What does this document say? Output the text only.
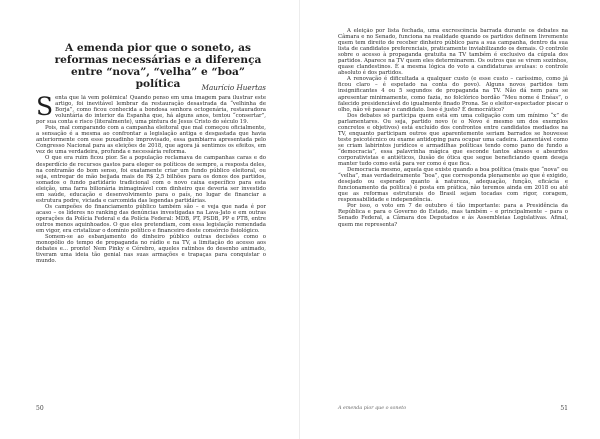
A emenda pior que o soneto, as reformas necessárias e a diferença entre “nova”, “velha” e “boa” política	Maurício Huertas

Senta que lá vem polêmica! Quando penso em uma imagem para ilustrar este artigo, foi inevitável lembrar da restauração desastrada da “velhinha de Borja”, como ficou conhecida a bondosa senhora octogenária, restauradora voluntária do interior da Espanha que, há alguns anos, tentou “consertar”, por sua conta e risco (literalmente), uma pintura de Jesus Cristo do século 19.

Pois, mal comparando com a campanha eleitoral que mal começou oficialmente, a sensação é a mesma ao confrontar a legislação antiga e desgastada que havia anteriormente com esse puxadinho improvisado, essa gambiarra apresentada pelo Congresso Nacional para as eleições de 2018, que agora já sentimos os efeitos, em vez de uma verdadeira, profunda e necessária reforma.

O que era ruim ficou pior. Se a população reclamava de campanhas caras e do desperdício de recursos gastos para eleger os políticos de sempre, a resposta deles, na contramão do bom senso, foi exatamente criar um fundo público eleitoral, ou seja, entregar de mão beijada mais de R$ 2,5 bilhões para os donos dos partidos, somados o fundo partidário tradicional com o novo caixa específico para esta eleição, uma farra bilionária inimaginável com dinheiro que deveria ser investido em saúde, educação e desenvolvimento para o país, no lugar de financiar a estrutura podre, viciada e carcomida das legendas partidárias.

Os campeões do financiamento público também são – e veja que nada é por acaso – os líderes no ranking das denúncias investigadas na Lava-Jato e em outras operações da Polícia Federal e da Polícia Federal: MDB, PT, PSDB, PP e PTB, entre outros menos aquinhoados. O que eles pretendiam, com essa legislação remendada em vigor, era cristalizar o domínio político e financeiro deste consórcio fisiológico.

Somem-se ao esbanjamento do dinheiro público outras decisões como o monopólio do tempo de propaganda no rádio e na TV, a limitação do acesso aos debates e... pronto! Nem Pinky e Cérebro, aqueles ratinhos do desenho animado, tiveram uma ideia tão genial nas suas armações e trapaças para conquistar o mundo.

50

A eleição por lista fechada, uma excrescência barrada durante os debates na Câmara e no Senado, funciona na realidade quando os partidos definem livremente quem tem direito de receber dinheiro público para a sua campanha, dentro da sua lista de candidatos preferenciais, praticamente inviabilizando os demais. O controle sobre o acesso à propaganda gratuita na TV também é exclusivo da cúpula dos partidos. Aparece na TV quem eles determinarem. Os outros que se virem sozinhos, quase clandestinos. É a mesma lógica do voto a candidaturas avulsas: o controle absoluto é dos partidos.

A renovação é dificultada a qualquer custo (e esse custo – caríssimo, como já ficou claro – é espetado na conta do povo). Alguns novos partidos tem insignificantes 4 ou 5 segundos de propaganda na TV. Não dá nem para se apresentar minimamente, como fazia, no folclórico bordão “Meu nome é Enéas”, o falecido presidenciável do igualmente finado Prona. Se o eleitor-espectador piscar o olho, não vê passar o candidato. Isso é justo? É democrático?

Dos debates só participa quem está em uma coligação com um mínimo “x” de parlamentares. Ou seja, partido novo (e o Novo é mesmo um dos exemplos concretos e objetivos) está excluído dos confrontos entre candidatos mediados na TV, enquanto participam outros que aparentemente seriam barrados se houvesse teste psicotécnico ou exame antidoping para ocupar uma cadeira. Lamentável como se criam labirintos jurídicos e armadilhas políticas tendo como pano de fundo a “democracia”, essa palavrinha mágica que esconde tantos abusos e absurdos corporativistas e antiéticos, ilusão de ótica que segue beneficiando quem deseja manter tudo como está para ver como é que fica.

Democracia mesmo, aquela que existe quando a boa política (mais que “nova” ou “velha”, mas verdadeiramente “boa”, que corresponda plenamente ao que é exigido, desejado ou esperado quanto à natureza, adequação, função, eficácia e funcionamento da política) é posta em prática, não teremos ainda em 2018 ou até que as reformas estruturais do Brasil sejam tocadas com rigor, coragem, responsabilidade e independência.

Por isso, o voto em 7 de outubro é tão importante: para a Presidência da República e para o Governo do Estado, mas também – e principalmente – para o Senado Federal, a Câmara dos Deputados e às Assembleias Legislativas. Afinal, quem me representa?

A emenda pior que o soneto	51
